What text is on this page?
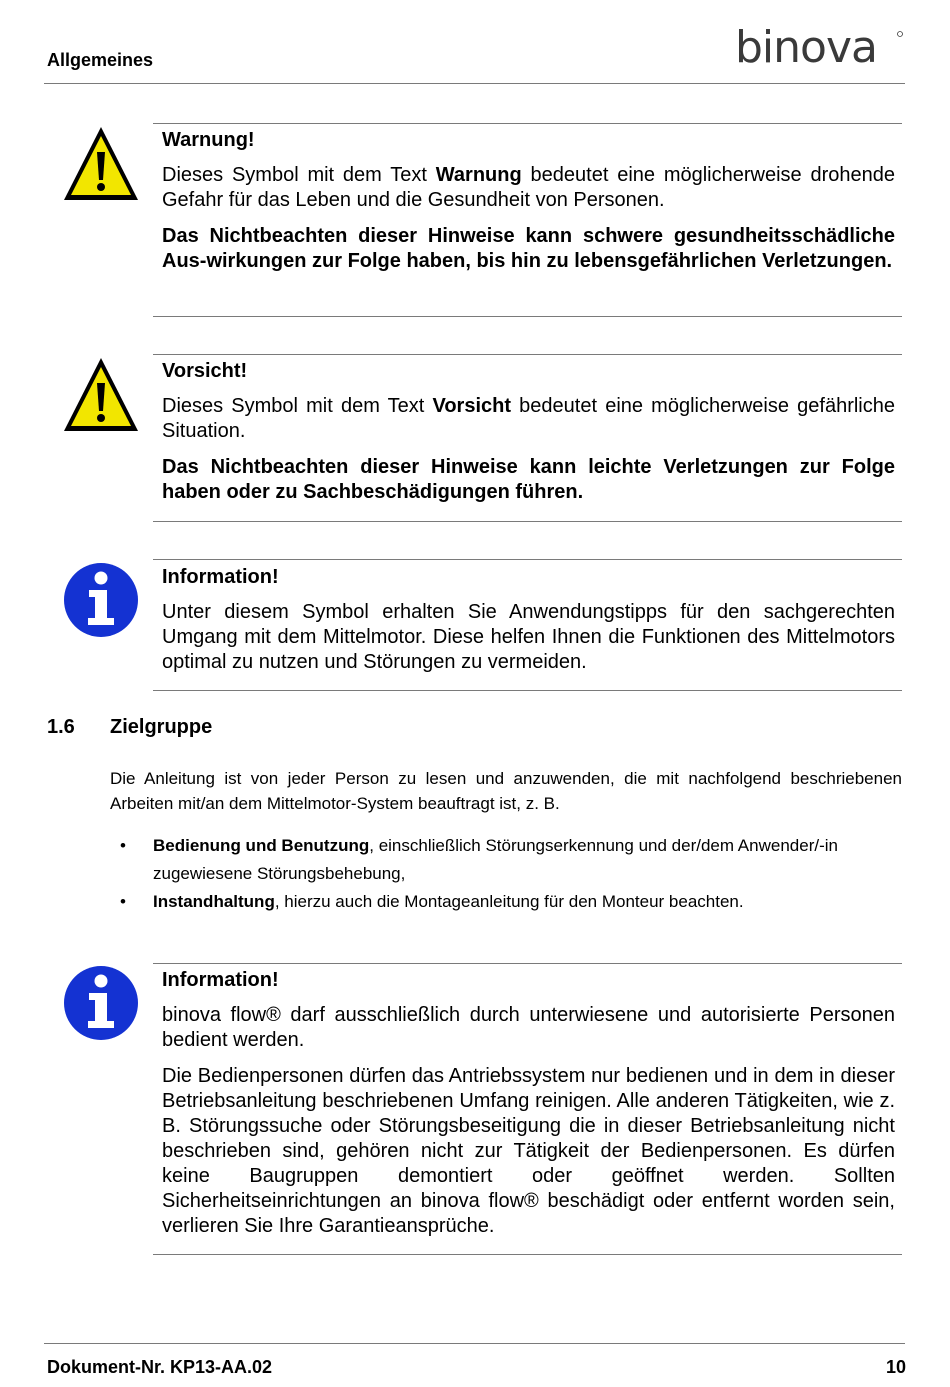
Allgemeines	binova
Warnung!

Dieses Symbol mit dem Text Warnung bedeutet eine möglicherweise drohende Gefahr für das Leben und die Gesundheit von Personen.

Das Nichtbeachten dieser Hinweise kann schwere gesundheitsschädliche Aus-wirkungen zur Folge haben, bis hin zu lebensgefährlichen Verletzungen.

Vorsicht!

Dieses Symbol mit dem Text Vorsicht bedeutet eine möglicherweise gefährliche Situation.

Das Nichtbeachten dieser Hinweise kann leichte Verletzungen zur Folge haben oder zu Sachbeschädigungen führen.

Information!

Unter diesem Symbol erhalten Sie Anwendungstipps für den sachgerechten Umgang mit dem Mittelmotor. Diese helfen Ihnen die Funktionen des Mittelmotors optimal zu nutzen und Störungen zu vermeiden.

1.6 Zielgruppe
Die Anleitung ist von jeder Person zu lesen und anzuwenden, die mit nachfolgend beschriebenen Arbeiten mit/an dem Mittelmotor-System beauftragt ist, z. B.
• Bedienung und Benutzung, einschließlich Störungserkennung und der/dem Anwender/-in zugewiesene Störungsbehebung,
• Instandhaltung, hierzu auch die Montageanleitung für den Monteur beachten.
Information!

binova flow® darf ausschließlich durch unterwiesene und autorisierte Personen bedient werden.

Die Bedienpersonen dürfen das Antriebssystem nur bedienen und in dem in dieser Betriebsanleitung beschriebenen Umfang reinigen. Alle anderen Tätigkeiten, wie z. B. Störungssuche oder Störungsbeseitigung die in dieser Betriebsanleitung nicht beschrieben sind, gehören nicht zur Tätigkeit der Bedienpersonen. Es dürfen keine Baugruppen demontiert oder geöffnet werden. Sollten Sicherheitseinrichtungen an binova flow® beschädigt oder entfernt worden sein, verlieren Sie Ihre Garantieansprüche.

Dokument-Nr. KP13-AA.02	10
